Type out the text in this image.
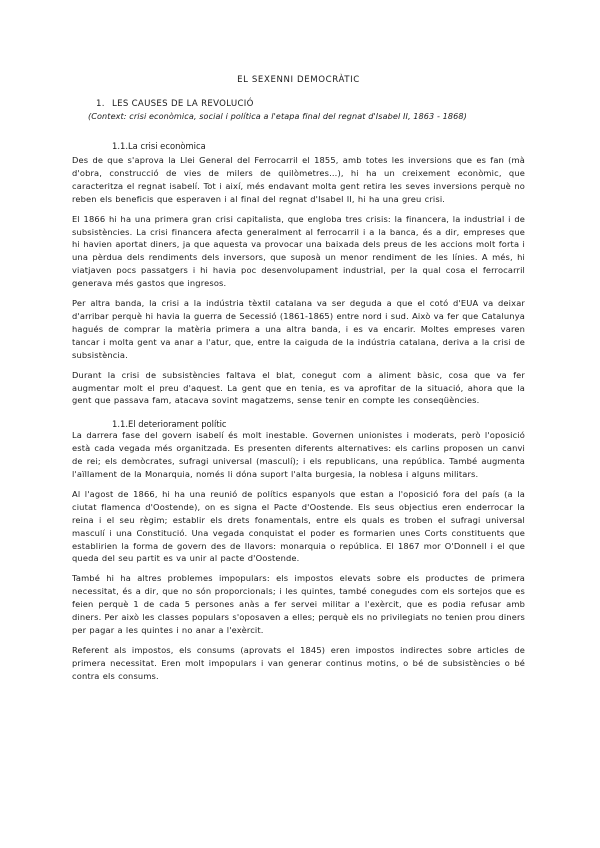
EL SEXENNI DEMOCRÀTIC
1. LES CAUSES DE LA REVOLUCIÓ
(Context: crisi econòmica, social i política a l'etapa final del regnat d'Isabel II, 1863 - 1868)
1.1.La crisi econòmica

Des de que s'aprova la Llei General del Ferrocarril el 1855, amb totes les inversions que es fan (mà d'obra, construcció de vies de milers de quilòmetres...), hi ha un creixement econòmic, que caracteritza el regnat isabelí. Tot i així, més endavant molta gent retira les seves inversions perquè no reben els beneficis que esperaven i al final del regnat d'Isabel II, hi ha una greu crisi.

El 1866 hi ha una primera gran crisi capitalista, que engloba tres crisis: la financera, la industrial i de subsistències. La crisi financera afecta generalment al ferrocarril i a la banca, és a dir, empreses que hi havien aportat diners, ja que aquesta va provocar una baixada dels preus de les accions molt forta i una pèrdua dels rendiments dels inversors, que suposà un menor rendiment de les línies. A més, hi viatjaven pocs passatgers i hi havia poc desenvolupament industrial, per la qual cosa el ferrocarril generava més gastos que ingresos.

Per altra banda, la crisi a la indústria tèxtil catalana va ser deguda a que el cotó d'EUA va deixar d'arribar perquè hi havia la guerra de Secessió (1861-1865) entre nord i sud. Això va fer que Catalunya hagués de comprar la matèria primera a una altra banda, i es va encarir. Moltes empreses varen tancar i molta gent va anar a l'atur, que, entre la caiguda de la indústria catalana, deriva a la crisi de subsistència.

Durant la crisi de subsistències faltava el blat, conegut com a aliment bàsic, cosa que va fer augmentar molt el preu d'aquest. La gent que en tenia, es va aprofitar de la situació, ahora que la gent que passava fam, atacava sovint magatzems, sense tenir en compte les conseqüències.

1.1.El deteriorament polític

La darrera fase del govern isabelí és molt inestable. Governen unionistes i moderats, però l'oposició està cada vegada més organitzada. Es presenten diferents alternatives: els carlins proposen un canvi de rei; els demòcrates, sufragi universal (masculí); i els republicans, una república. També augmenta l'aïllament de la Monarquia, només li dóna suport l'alta burgesia, la noblesa i alguns militars.

Al l'agost de 1866, hi ha una reunió de polítics espanyols que estan a l'oposició fora del país (a la ciutat flamenca d'Oostende), on es signa el Pacte d'Oostende. Els seus objectius eren enderrocar la reina i el seu règim; establir els drets fonamentals, entre els quals es troben el sufragi universal masculí i una Constitució. Una vegada conquistat el poder es formarien unes Corts constituents que establirien la forma de govern des de llavors: monarquia o república. El 1867 mor O'Donnell i el que queda del seu partit es va unir al pacte d'Oostende.

També hi ha altres problemes impopulars: els impostos elevats sobre els productes de primera necessitat, és a dir, que no són proporcionals; i les quintes, també conegudes com els sortejos que es feien perquè 1 de cada 5 persones anàs a fer servei militar a l'exèrcit, que es podia refusar amb diners. Per això les classes populars s'oposaven a elles; perquè els no privilegiats no tenien prou diners per pagar a les quintes i no anar a l'exèrcit.

Referent als impostos, els consums (aprovats el 1845) eren impostos indirectes sobre articles de primera necessitat. Eren molt impopulars i van generar continus motins, o bé de subsistències o bé contra els consums.
